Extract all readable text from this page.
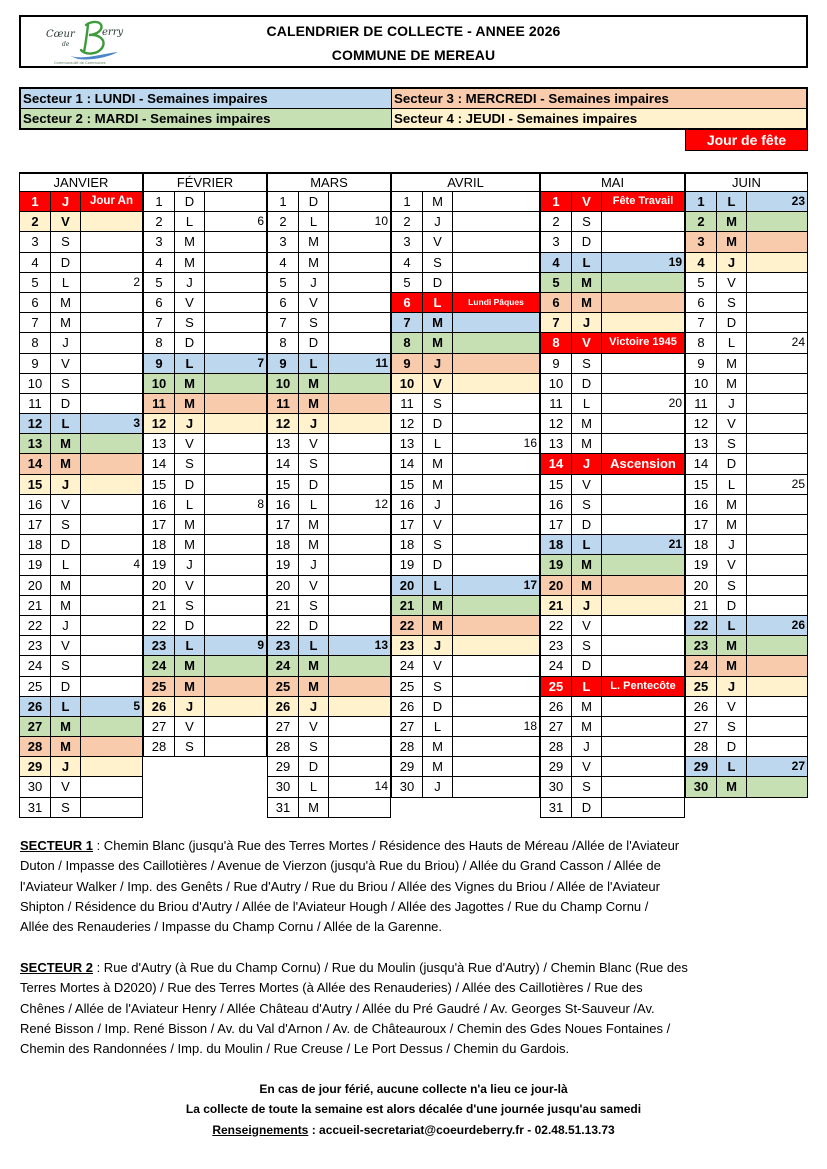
Cœur
de
erry
Communauté de Communes
CALENDRIER DE COLLECTE - ANNEE 2026
COMMUNE DE MEREAU
Secteur 1 : LUNDI - Semaines impaires	Secteur 3 : MERCREDI - Semaines impaires
Secteur 2 : MARDI - Semaines impaires	Secteur 4 : JEUDI - Semaines impaires
Jour de fête
JANVIER
1	J	Jour An
2	V
3	S
4	D
5	L	2
6	M
7	M
8	J
9	V
10	S
11	D
12	L	3
13	M
14	M
15	J
16	V
17	S
18	D
19	L	4
20	M
21	M
22	J
23	V
24	S
25	D
26	L	5
27	M
28	M
29	J
30	V
31	S
FÉVRIER
1	D
2	L	6
3	M
4	M
5	J
6	V
7	S
8	D
9	L	7
10	M
11	M
12	J
13	V
14	S
15	D
16	L	8
17	M
18	M
19	J
20	V
21	S
22	D
23	L	9
24	M
25	M
26	J
27	V
28	S
MARS
1	D
2	L	10
3	M
4	M
5	J
6	V
7	S
8	D
9	L	11
10	M
11	M
12	J
13	V
14	S
15	D
16	L	12
17	M
18	M
19	J
20	V
21	S
22	D
23	L	13
24	M
25	M
26	J
27	V
28	S
29	D
30	L	14
31	M
AVRIL
1	M
2	J
3	V
4	S
5	D
6	L	Lundi Pâques
7	M
8	M
9	J
10	V
11	S
12	D
13	L	16
14	M
15	M
16	J
17	V
18	S
19	D
20	L	17
21	M
22	M
23	J
24	V
25	S
26	D
27	L	18
28	M
29	M
30	J
MAI
1	V	Fête Travail
2	S
3	D
4	L	19
5	M
6	M
7	J
8	V	Victoire 1945
9	S
10	D
11	L	20
12	M
13	M
14	J	Ascension
15	V
16	S
17	D
18	L	21
19	M
20	M
21	J
22	V
23	S
24	D
25	L	L. Pentecôte
26	M
27	M
28	J
29	V
30	S
31	D
JUIN
1	L	23
2	M
3	M
4	J
5	V
6	S
7	D
8	L	24
9	M
10	M
11	J
12	V
13	S
14	D
15	L	25
16	M
17	M
18	J
19	V
20	S
21	D
22	L	26
23	M
24	M
25	J
26	V
27	S
28	D
29	L	27
30	M
SECTEUR 1 : Chemin Blanc (jusqu'à Rue des Terres Mortes / Résidence des Hauts de Méreau /Allée de l'Aviateur
Duton / Impasse des Caillotières / Avenue de Vierzon (jusqu'à Rue du Briou) / Allée du Grand Casson / Allée de
l'Aviateur Walker / Imp. des Genêts / Rue d'Autry / Rue du Briou / Allée des Vignes du Briou / Allée de l'Aviateur
Shipton / Résidence du Briou d'Autry / Allée de l'Aviateur Hough / Allée des Jagottes / Rue du Champ Cornu /
Allée des Renauderies / Impasse du Champ Cornu / Allée de la Garenne.
SECTEUR 2 : Rue d'Autry (à Rue du Champ Cornu) / Rue du Moulin (jusqu'à Rue d'Autry) / Chemin Blanc (Rue des
Terres Mortes à D2020) / Rue des Terres Mortes (à Allée des Renauderies) / Allée des Caillotières / Rue des
Chênes / Allée de l'Aviateur Henry / Allée Château d'Autry / Allée du Pré Gaudré / Av. Georges St-Sauveur /Av.
René Bisson / Imp. René Bisson / Av. du Val d'Arnon / Av. de Châteauroux / Chemin des Gdes Noues Fontaines /
Chemin des Randonnées / Imp. du Moulin / Rue Creuse / Le Port Dessus / Chemin du Gardois.
En cas de jour férié, aucune collecte n'a lieu ce jour-là
La collecte de toute la semaine est alors décalée d'une journée jusqu'au samedi
Renseignements : accueil-secretariat@coeurdeberry.fr - 02.48.51.13.73
